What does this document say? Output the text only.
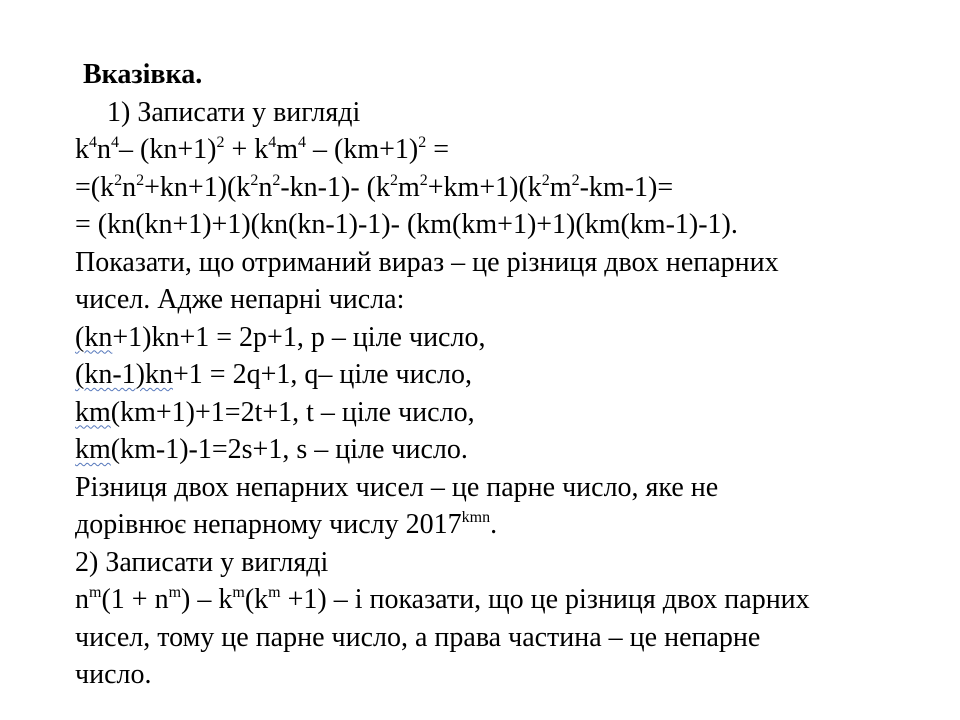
Вказівка.
1) Записати у вигляді
$k^4n^4-$ $(kn+1)^2 + k^4m^4 - (km+1)^2$ =
$=(k^2n^2+kn+1)(k^2n^2-kn-1)-$ $(k^2m^2+km+1)(k^2m^2-km-1)=$
= (kn(kn+1)+1)(kn(kn-1)-1)- (km(km+1)+1)(km(km-1)-1).
Показати, що отриманий вираз – це різниця двох непарних
чисел. Адже непарні числа:
(kn+1)kn+1 = 2p+1, p – ціле число,
(kn-1)kn+1 = 2q+1, q– ціле число,
km(km+1)+1=2t+1, t – ціле число,
km(km-1)-1=2s+1, s – ціле число.
Різниця двох непарних чисел – це парне число, яке не
дорівнює непарному числу $2017^{kmn}$.
2) Записати у вигляді
$n^m(1 + n^m) - k^m(k^m +1) - і$ показати, що це різниця двох парних
чисел, тому це парне число, а права частина – це непарне
число.
